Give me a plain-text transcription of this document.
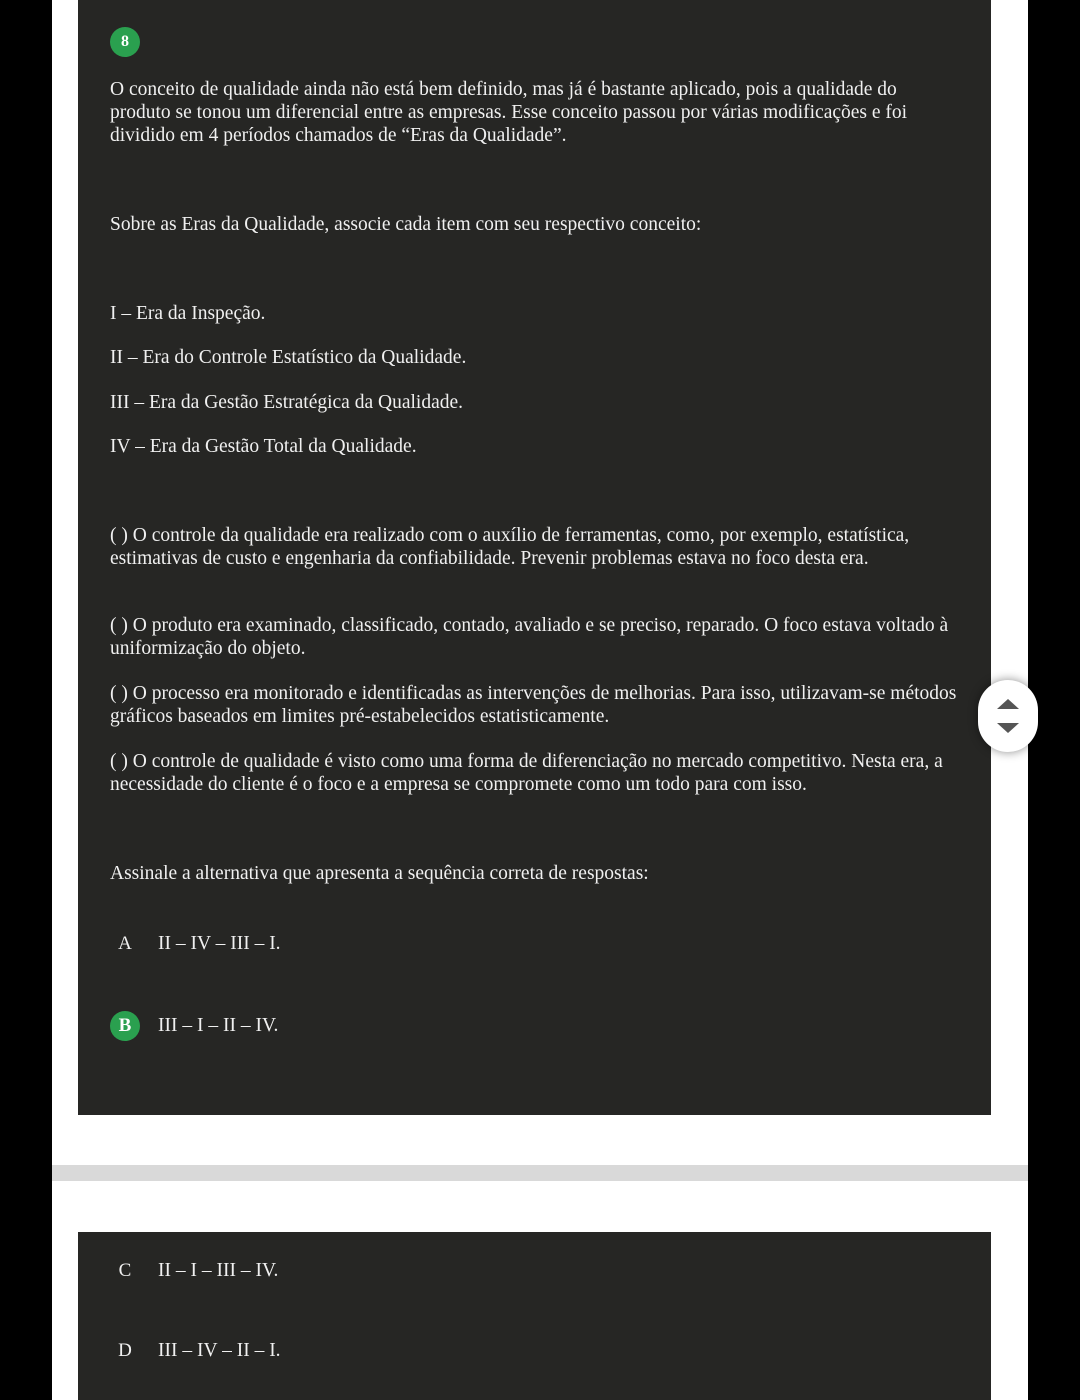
8

O conceito de qualidade ainda não está bem definido, mas já é bastante aplicado, pois a qualidade do produto se tonou um diferencial entre as empresas. Esse conceito passou por várias modificações e foi dividido em 4 períodos chamados de “Eras da Qualidade”.

Sobre as Eras da Qualidade, associe cada item com seu respectivo conceito:

I – Era da Inspeção.

II – Era do Controle Estatístico da Qualidade.

III – Era da Gestão Estratégica da Qualidade.

IV – Era da Gestão Total da Qualidade.

( ) O controle da qualidade era realizado com o auxílio de ferramentas, como, por exemplo, estatística, estimativas de custo e engenharia da confiabilidade. Prevenir problemas estava no foco desta era.

( ) O produto era examinado, classificado, contado, avaliado e se preciso, reparado. O foco estava voltado à uniformização do objeto.

( ) O processo era monitorado e identificadas as intervenções de melhorias. Para isso, utilizavam-se métodos gráficos baseados em limites pré-estabelecidos estatisticamente.

( ) O controle de qualidade é visto como uma forma de diferenciação no mercado competitivo. Nesta era, a necessidade do cliente é o foco e a empresa se compromete como um todo para com isso.

Assinale a alternativa que apresenta a sequência correta de respostas:

A	II – IV – III – I.
B	III – I – II – IV.
C	II – I – III – IV.
D	III – IV – II – I.
